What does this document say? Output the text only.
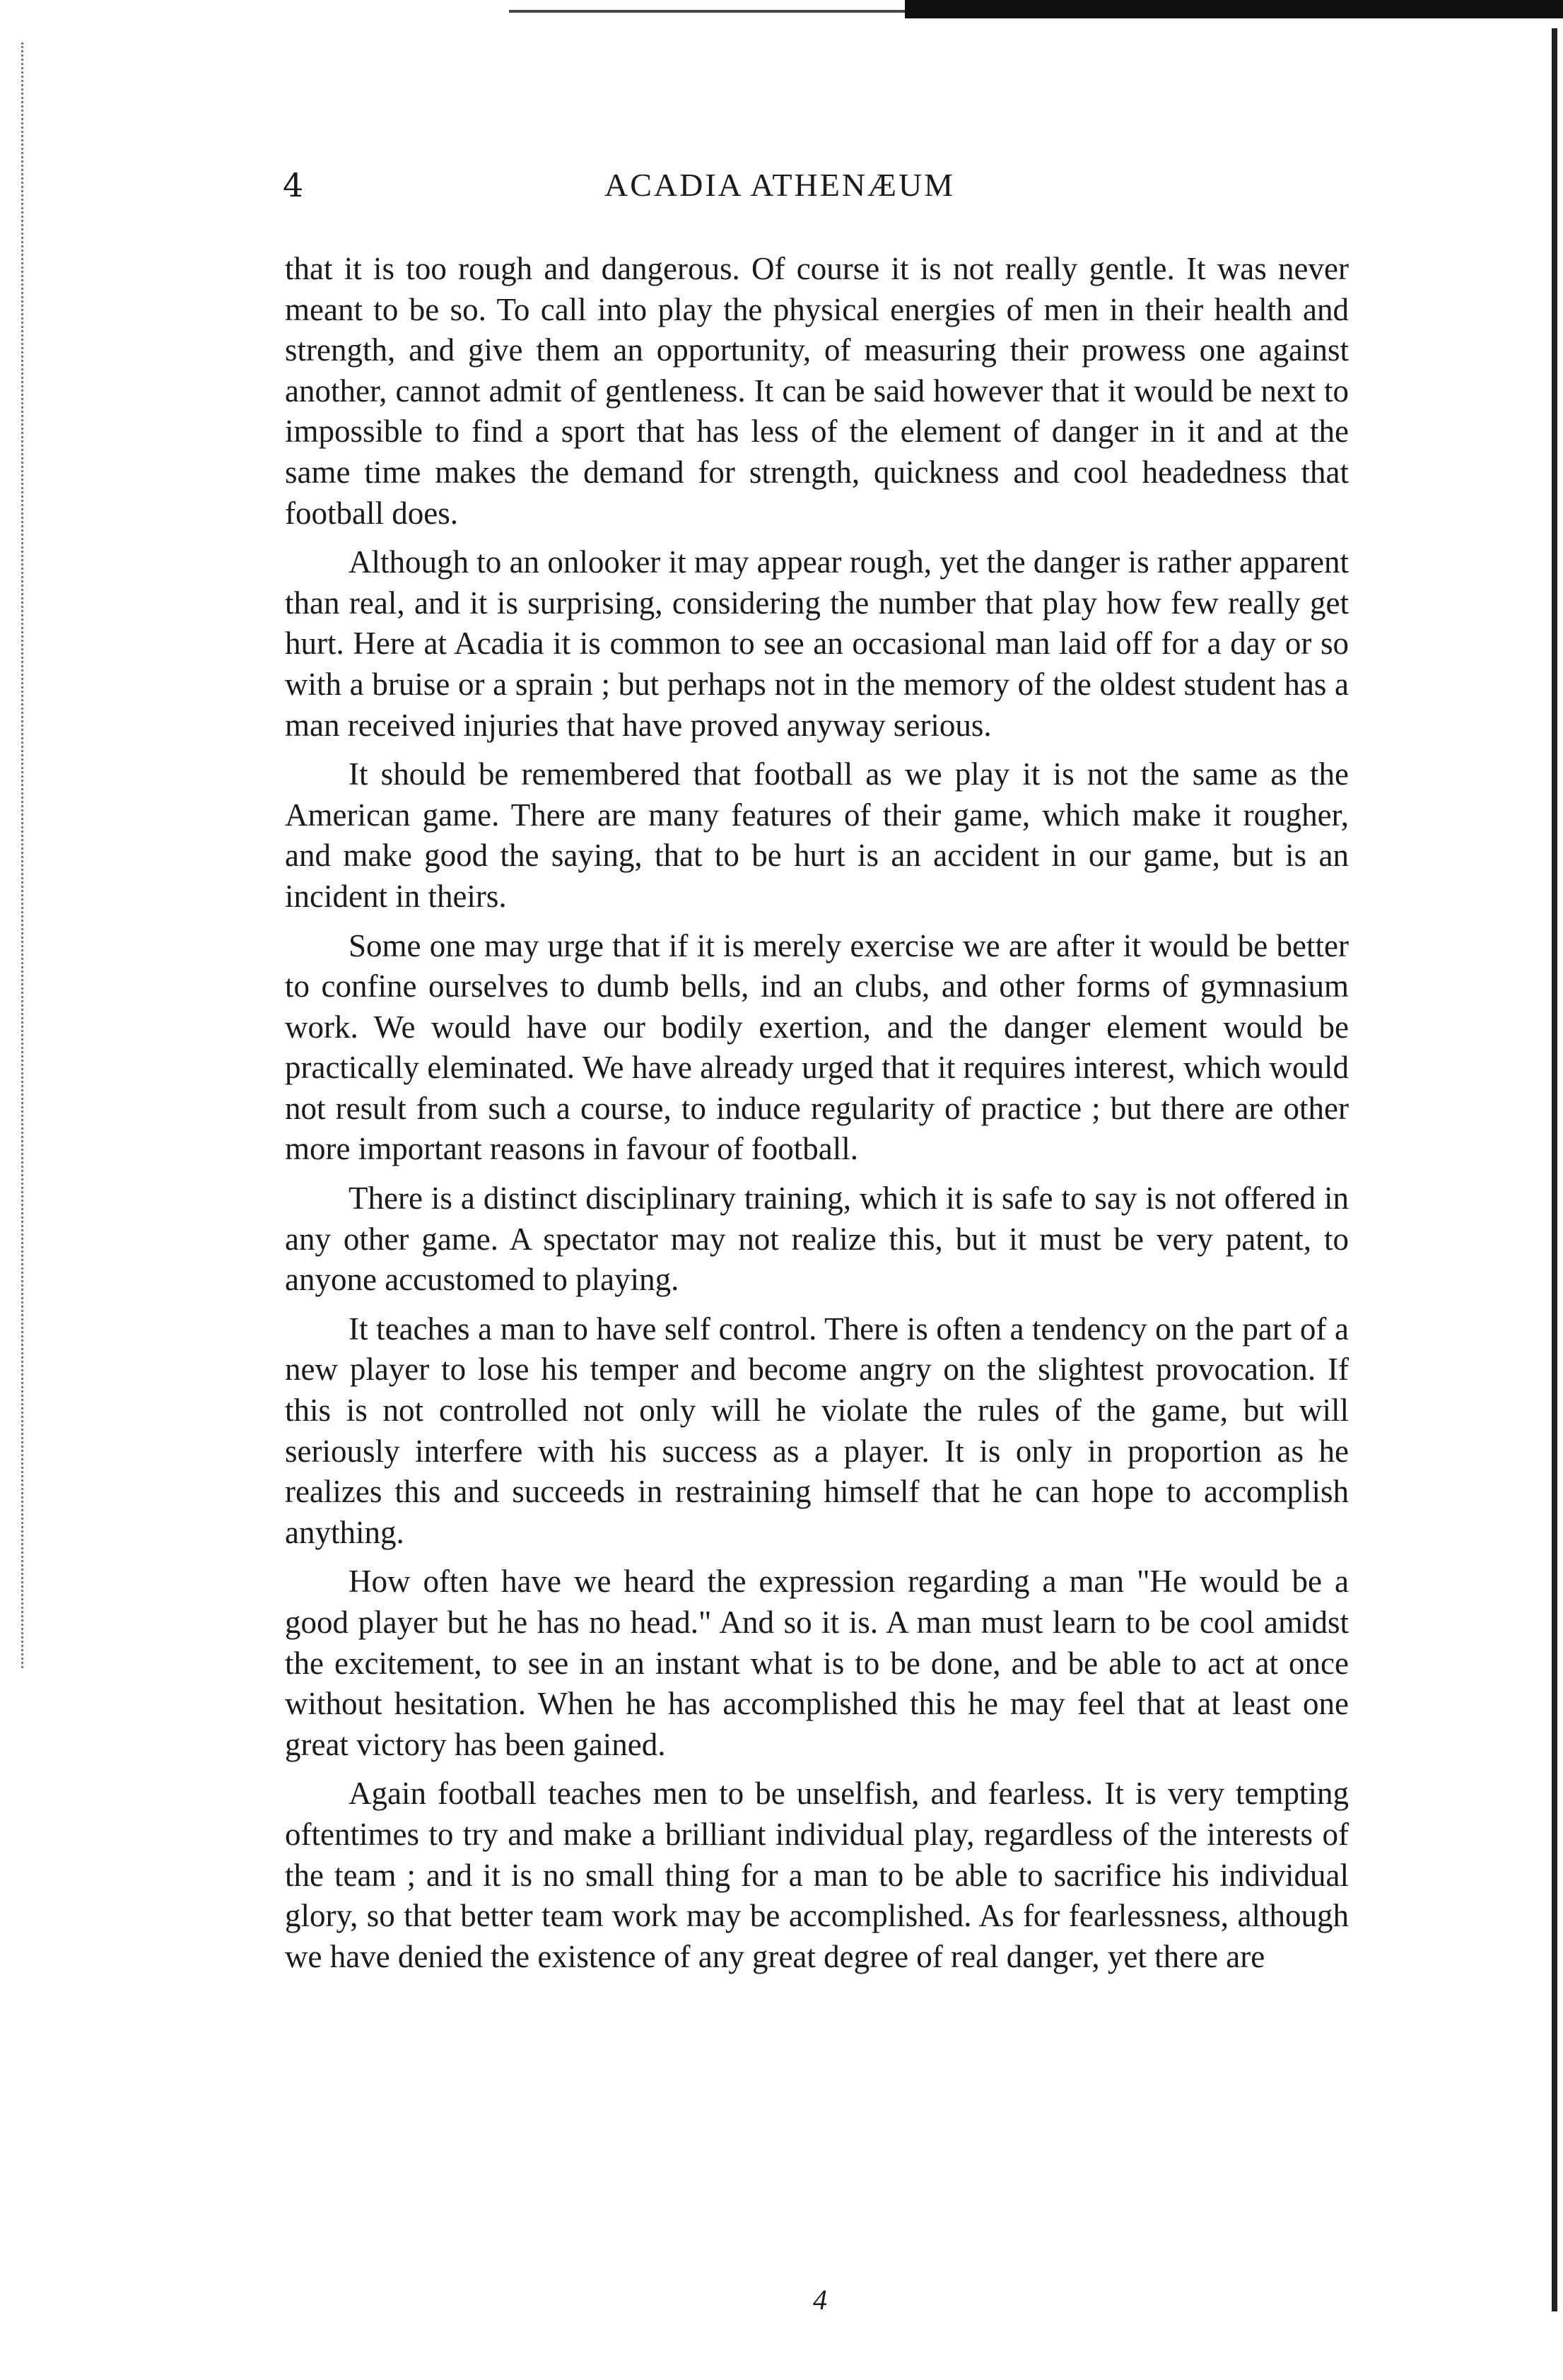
4	ACADIA ATHENÆUM

that it is too rough and dangerous. Of course it is not really gentle. It was never meant to be so. To call into play the physical energies of men in their health and strength, and give them an opportunity, of measuring their prowess one against another, cannot admit of gentleness. It can be said however that it would be next to impossible to find a sport that has less of the element of danger in it and at the same time makes the demand for strength, quickness and cool headedness that football does.

Although to an onlooker it may appear rough, yet the danger is rather apparent than real, and it is surprising, considering the number that play how few really get hurt. Here at Acadia it is common to see an occasional man laid off for a day or so with a bruise or a sprain ; but perhaps not in the memory of the oldest student has a man received injuries that have proved anyway serious.

It should be remembered that football as we play it is not the same as the American game. There are many features of their game, which make it rougher, and make good the saying, that to be hurt is an accident in our game, but is an incident in theirs.

Some one may urge that if it is merely exercise we are after it would be better to confine ourselves to dumb bells, ind an clubs, and other forms of gymnasium work. We would have our bodily exertion, and the danger element would be practically eleminated. We have already urged that it requires interest, which would not result from such a course, to induce regularity of practice ; but there are other more important reasons in favour of football.

There is a distinct disciplinary training, which it is safe to say is not offered in any other game. A spectator may not realize this, but it must be very patent, to anyone accustomed to playing.

It teaches a man to have self control. There is often a tendency on the part of a new player to lose his temper and become angry on the slightest provocation. If this is not controlled not only will he violate the rules of the game, but will seriously interfere with his success as a player. It is only in proportion as he realizes this and succeeds in restraining himself that he can hope to accomplish anything.

How often have we heard the expression regarding a man "He would be a good player but he has no head." And so it is. A man must learn to be cool amidst the excitement, to see in an instant what is to be done, and be able to act at once without hesitation. When he has accomplished this he may feel that at least one great victory has been gained.

Again football teaches men to be unselfish, and fearless. It is very tempting oftentimes to try and make a brilliant individual play, regardless of the interests of the team ; and it is no small thing for a man to be able to sacrifice his individual glory, so that better team work may be accomplished. As for fearlessness, although we have denied the existence of any great degree of real danger, yet there are

4
